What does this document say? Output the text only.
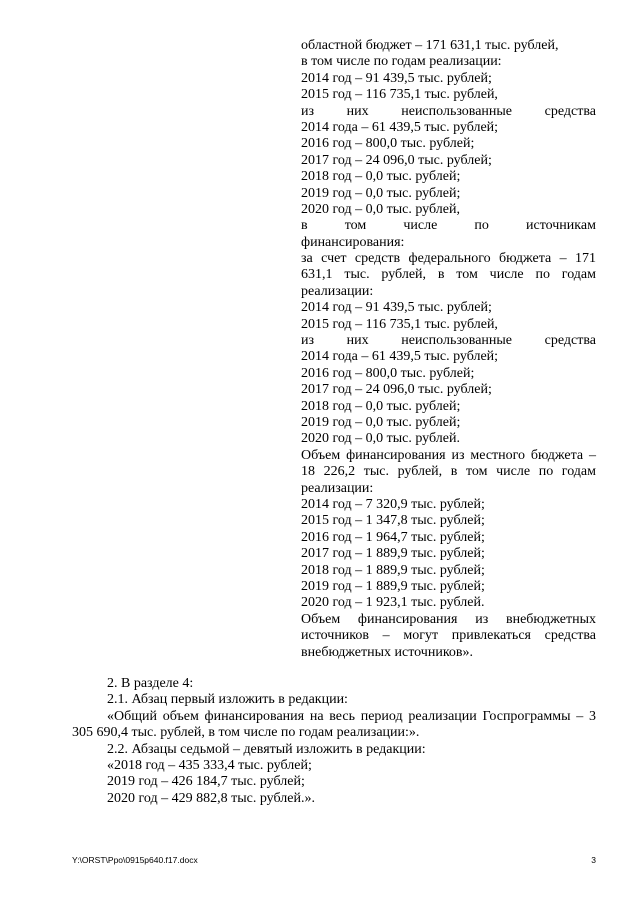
областной бюджет – 171 631,1 тыс. рублей,
в том числе по годам реализации:
2014 год – 91 439,5 тыс. рублей;
2015 год – 116 735,1 тыс. рублей,
из них неиспользованные средства
2014 года – 61 439,5 тыс. рублей;
2016 год – 800,0 тыс. рублей;
2017 год – 24 096,0 тыс. рублей;
2018 год – 0,0 тыс. рублей;
2019 год – 0,0 тыс. рублей;
2020 год – 0,0 тыс. рублей,
в	том	числе	по	источникам
финансирования:
за счет средств федерального бюджета – 171 631,1 тыс. рублей, в том числе по годам реализации:
2014 год – 91 439,5 тыс. рублей;
2015 год – 116 735,1 тыс. рублей,
из них неиспользованные средства
2014 года – 61 439,5 тыс. рублей;
2016 год – 800,0 тыс. рублей;
2017 год – 24 096,0 тыс. рублей;
2018 год – 0,0 тыс. рублей;
2019 год – 0,0 тыс. рублей;
2020 год – 0,0 тыс. рублей.
Объем финансирования из местного бюджета – 18 226,2 тыс. рублей, в том числе по годам реализации:
2014 год – 7 320,9 тыс. рублей;
2015 год – 1 347,8 тыс. рублей;
2016 год – 1 964,7 тыс. рублей;
2017 год – 1 889,9 тыс. рублей;
2018 год – 1 889,9 тыс. рублей;
2019 год – 1 889,9 тыс. рублей;
2020 год – 1 923,1 тыс. рублей.
Объем финансирования из внебюджетных источников – могут привлекаться средства внебюджетных источников».
2. В разделе 4:
2.1. Абзац первый изложить в редакции:
«Общий объем финансирования на весь период реализации Госпрограммы – 3 305 690,4 тыс. рублей, в том числе по годам реализации:».
2.2. Абзацы седьмой – девятый изложить в редакции:
«2018 год – 435 333,4 тыс. рублей;
2019 год – 426 184,7 тыс. рублей;
2020 год – 429 882,8 тыс. рублей.».
Y:\ORST\Ppo\0915p640.f17.docx	3
